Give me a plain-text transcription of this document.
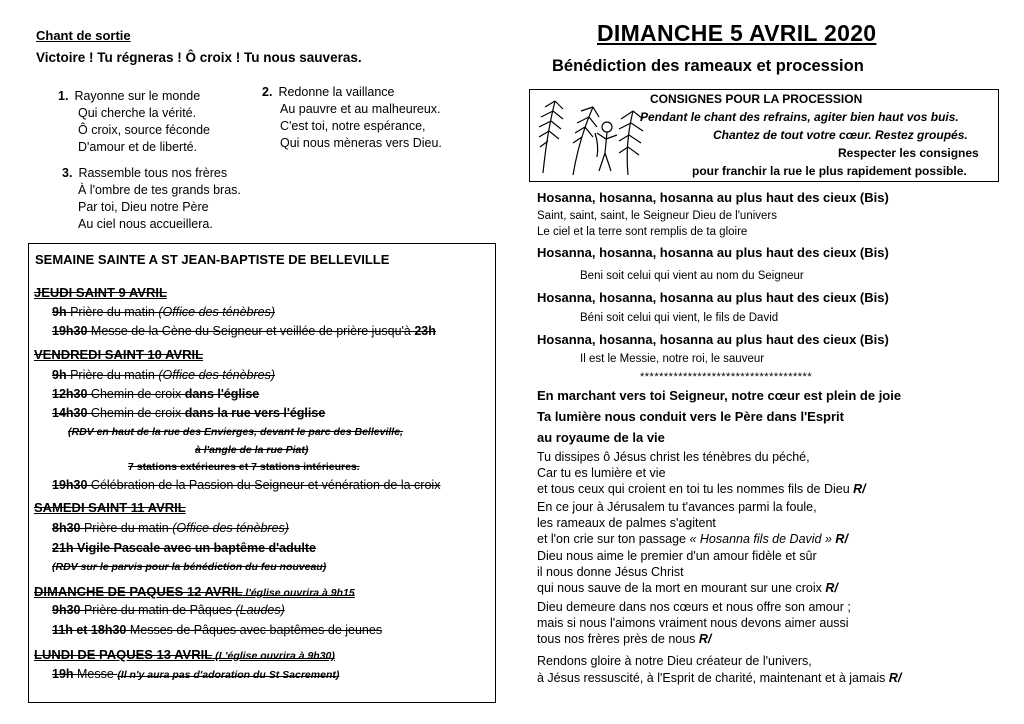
Chant de sortie
Victoire ! Tu régneras ! Ô croix ! Tu nous sauveras.
1. Rayonne sur le monde
Qui cherche la vérité.
Ô croix, source féconde
D'amour et de liberté.
2. Redonne la vaillance
Au pauvre et au malheureux.
C'est toi, notre espérance,
Qui nous mèneras vers Dieu.
3. Rassemble tous nos frères
À l'ombre de tes grands bras.
Par toi, Dieu notre Père
Au ciel nous accueillera.
SEMAINE SAINTE A ST JEAN-BAPTISTE DE BELLEVILLE
JEUDI SAINT 9 AVRIL
9h Prière du matin (Office des ténèbres)
19h30 Messe de la Cène du Seigneur et veillée de prière jusqu'à 23h
VENDREDI SAINT 10 AVRIL
9h Prière du matin (Office des ténèbres)
12h30 Chemin de croix dans l'église
14h30 Chemin de croix dans la rue vers l'église
(RDV en haut de la rue des Envierges, devant le parc des Belleville,
à l'angle de la rue Piat)
7 stations extérieures et 7 stations intérieures.
19h30 Célébration de la Passion du Seigneur et vénération de la croix
SAMEDI SAINT 11 AVRIL
8h30 Prière du matin (Office des ténèbres)
21h Vigile Pascale avec un baptême d'adulte
(RDV sur le parvis pour la bénédiction du feu nouveau)
DIMANCHE DE PAQUES 12 AVRIL l'église ouvrira à 9h15
9h30 Prière du matin de Pâques (Laudes)
11h et 18h30 Messes de Pâques avec baptêmes de jeunes
LUNDI DE PAQUES 13 AVRIL (L'église ouvrira à 9h30)
19h Messe (Il n'y aura pas d'adoration du St Sacrement)
DIMANCHE 5 AVRIL 2020
Bénédiction des rameaux et procession
CONSIGNES POUR LA PROCESSION
Pendant le chant des refrains, agiter bien haut vos buis.
Chantez de tout votre cœur. Restez groupés.
Respecter les consignes
pour franchir la rue le plus rapidement possible.
Hosanna, hosanna, hosanna au plus haut des cieux (Bis)
Saint, saint, saint, le Seigneur Dieu de l'univers
Le ciel et la terre sont remplis de ta gloire
Hosanna, hosanna, hosanna au plus haut des cieux (Bis)
Beni soit celui qui vient au nom du Seigneur
Hosanna, hosanna, hosanna au plus haut des cieux (Bis)
Béni soit celui qui vient, le fils de David
Hosanna, hosanna, hosanna au plus haut des cieux (Bis)
Il est le Messie, notre roi, le sauveur
************************************
En marchant vers toi Seigneur, notre cœur est plein de joie
Ta lumière nous conduit vers le Père dans l'Esprit
au royaume de la vie
Tu dissipes ô Jésus christ les ténèbres du péché,
Car tu es lumière et vie
et tous ceux qui croient en toi tu les nommes fils de Dieu R/
En ce jour à Jérusalem tu t'avances parmi la foule,
les rameaux de palmes s'agitent
et l'on crie sur ton passage « Hosanna fils de David » R/
Dieu nous aime le premier d'un amour fidèle et sûr
il nous donne Jésus Christ
qui nous sauve de la mort en mourant sur une croix R/
Dieu demeure dans nos cœurs et nous offre son amour ;
mais si nous l'aimons vraiment nous devons aimer aussi
tous nos frères près de nous R/
Rendons gloire à notre Dieu créateur de l'univers,
à Jésus ressuscité, à l'Esprit de charité, maintenant et à jamais R/
